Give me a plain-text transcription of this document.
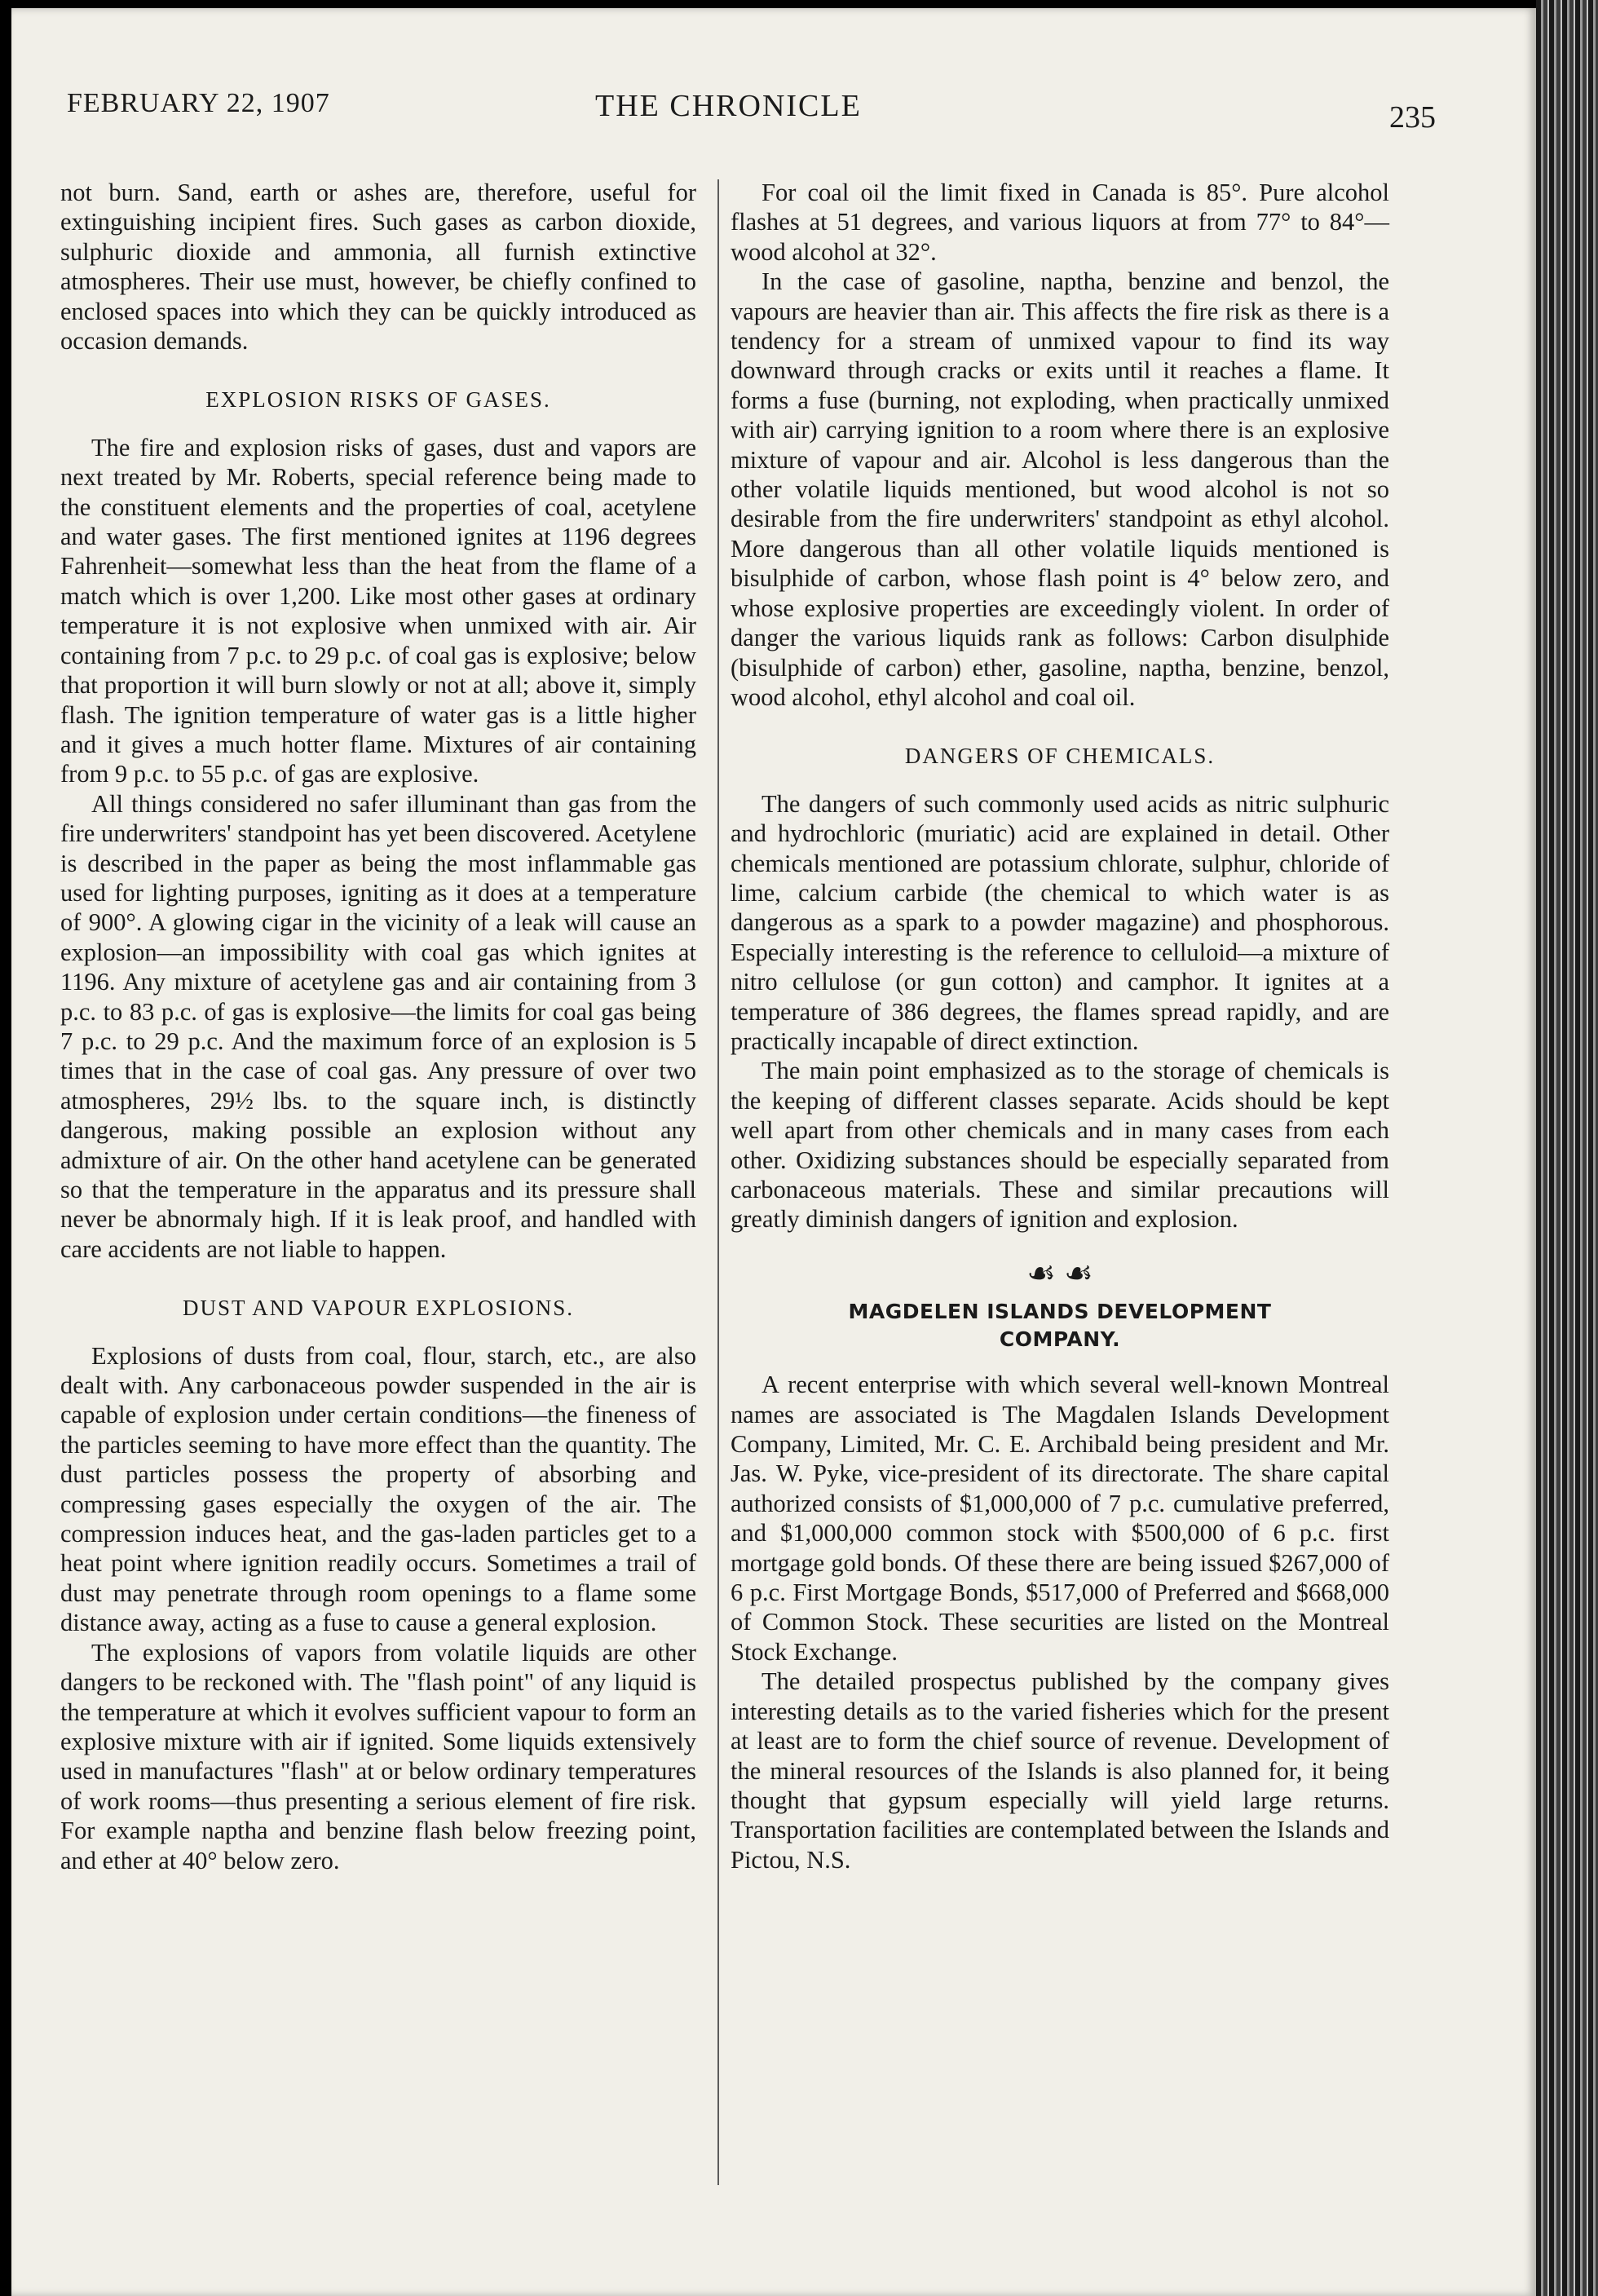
FEBRUARY 22, 1907	THE CHRONICLE	235

not burn. Sand, earth or ashes are, therefore, useful for extinguishing incipient fires. Such gases as carbon dioxide, sulphuric dioxide and ammonia, all furnish extinctive atmospheres. Their use must, however, be chiefly confined to enclosed spaces into which they can be quickly introduced as occasion demands.

EXPLOSION RISKS OF GASES.

The fire and explosion risks of gases, dust and vapors are next treated by Mr. Roberts, special reference being made to the constituent elements and the properties of coal, acetylene and water gases. The first mentioned ignites at 1196 degrees Fahrenheit—somewhat less than the heat from the flame of a match which is over 1,200. Like most other gases at ordinary temperature it is not explosive when unmixed with air. Air containing from 7 p.c. to 29 p.c. of coal gas is explosive; below that proportion it will burn slowly or not at all; above it, simply flash. The ignition temperature of water gas is a little higher and it gives a much hotter flame. Mixtures of air containing from 9 p.c. to 55 p.c. of gas are explosive.

All things considered no safer illuminant than gas from the fire underwriters' standpoint has yet been discovered. Acetylene is described in the paper as being the most inflammable gas used for lighting purposes, igniting as it does at a temperature of 900°. A glowing cigar in the vicinity of a leak will cause an explosion—an impossibility with coal gas which ignites at 1196. Any mixture of acetylene gas and air containing from 3 p.c. to 83 p.c. of gas is explosive—the limits for coal gas being 7 p.c. to 29 p.c. And the maximum force of an explosion is 5 times that in the case of coal gas. Any pressure of over two atmospheres, 29½ lbs. to the square inch, is distinctly dangerous, making possible an explosion without any admixture of air. On the other hand acetylene can be generated so that the temperature in the apparatus and its pressure shall never be abnormaly high. If it is leak proof, and handled with care accidents are not liable to happen.

DUST AND VAPOUR EXPLOSIONS.

Explosions of dusts from coal, flour, starch, etc., are also dealt with. Any carbonaceous powder suspended in the air is capable of explosion under certain conditions—the fineness of the particles seeming to have more effect than the quantity. The dust particles possess the property of absorbing and compressing gases especially the oxygen of the air. The compression induces heat, and the gas-laden particles get to a heat point where ignition readily occurs. Sometimes a trail of dust may penetrate through room openings to a flame some distance away, acting as a fuse to cause a general explosion.

The explosions of vapors from volatile liquids are other dangers to be reckoned with. The "flash point" of any liquid is the temperature at which it evolves sufficient vapour to form an explosive mixture with air if ignited. Some liquids extensively used in manufactures "flash" at or below ordinary temperatures of work rooms—thus presenting a serious element of fire risk. For example naptha and benzine flash below freezing point, and ether at 40° below zero.

For coal oil the limit fixed in Canada is 85°. Pure alcohol flashes at 51 degrees, and various liquors at from 77° to 84°—wood alcohol at 32°.

In the case of gasoline, naptha, benzine and benzol, the vapours are heavier than air. This affects the fire risk as there is a tendency for a stream of unmixed vapour to find its way downward through cracks or exits until it reaches a flame. It forms a fuse (burning, not exploding, when practically unmixed with air) carrying ignition to a room where there is an explosive mixture of vapour and air. Alcohol is less dangerous than the other volatile liquids mentioned, but wood alcohol is not so desirable from the fire underwriters' standpoint as ethyl alcohol. More dangerous than all other volatile liquids mentioned is bisulphide of carbon, whose flash point is 4° below zero, and whose explosive properties are exceedingly violent. In order of danger the various liquids rank as follows: Carbon disulphide (bisulphide of carbon) ether, gasoline, naptha, benzine, benzol, wood alcohol, ethyl alcohol and coal oil.

DANGERS OF CHEMICALS.

The dangers of such commonly used acids as nitric sulphuric and hydrochloric (muriatic) acid are explained in detail. Other chemicals mentioned are potassium chlorate, sulphur, chloride of lime, calcium carbide (the chemical to which water is as dangerous as a spark to a powder magazine) and phosphorous. Especially interesting is the reference to celluloid—a mixture of nitro cellulose (or gun cotton) and camphor. It ignites at a temperature of 386 degrees, the flames spread rapidly, and are practically incapable of direct extinction.

The main point emphasized as to the storage of chemicals is the keeping of different classes separate. Acids should be kept well apart from other chemicals and in many cases from each other. Oxidizing substances should be especially separated from carbonaceous materials. These and similar precautions will greatly diminish dangers of ignition and explosion.

☙ ☙
MAGDELEN ISLANDS DEVELOPMENT
COMPANY.

A recent enterprise with which several well-known Montreal names are associated is The Magdalen Islands Development Company, Limited, Mr. C. E. Archibald being president and Mr. Jas. W. Pyke, vice-president of its directorate. The share capital authorized consists of $1,000,000 of 7 p.c. cumulative preferred, and $1,000,000 common stock with $500,000 of 6 p.c. first mortgage gold bonds. Of these there are being issued $267,000 of 6 p.c. First Mortgage Bonds, $517,000 of Preferred and $668,000 of Common Stock. These securities are listed on the Montreal Stock Exchange.

The detailed prospectus published by the company gives interesting details as to the varied fisheries which for the present at least are to form the chief source of revenue. Development of the mineral resources of the Islands is also planned for, it being thought that gypsum especially will yield large returns. Transportation facilities are contemplated between the Islands and Pictou, N.S.
